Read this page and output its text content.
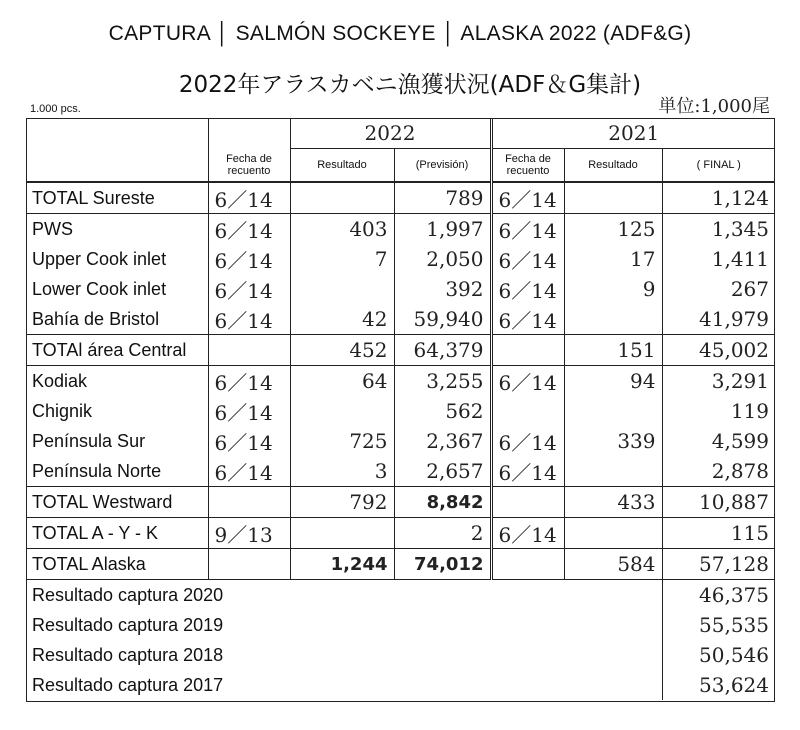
CAPTURA │ SALMÓN SOCKEYE │ ALASKA 2022 (ADF&G)
2022年アラスカベニ漁獲状況(ADF＆G集計)
1.000 pcs.	単位:1,000尾
		2022		2021		
	Fecha de recuento	Resultado	(Previsión)	Fecha de recuento	Resultado	( FINAL )
TOTAL Sureste	6／14		789	6／14		1,124
PWS	6／14	403	1,997	6／14	125	1,345
Upper Cook inlet	6／14	7	2,050	6／14	17	1,411
Lower Cook inlet	6／14		392	6／14	9	267
Bahía de Bristol	6／14	42	59,940	6／14		41,979
TOTAl área Central		452	64,379		151	45,002
Kodiak	6／14	64	3,255	6／14	94	3,291
Chignik	6／14		562			119
Península Sur	6／14	725	2,367	6／14	339	4,599
Península Norte	6／14	3	2,657	6／14		2,878
TOTAL Westward		792	8,842		433	10,887
TOTAL A - Y - K	9／13		2	6／14		115
TOTAL Alaska		1,244	74,012		584	57,128
Resultado captura 2020						46,375
Resultado captura 2019						55,535
Resultado captura 2018						50,546
Resultado captura 2017						53,624
